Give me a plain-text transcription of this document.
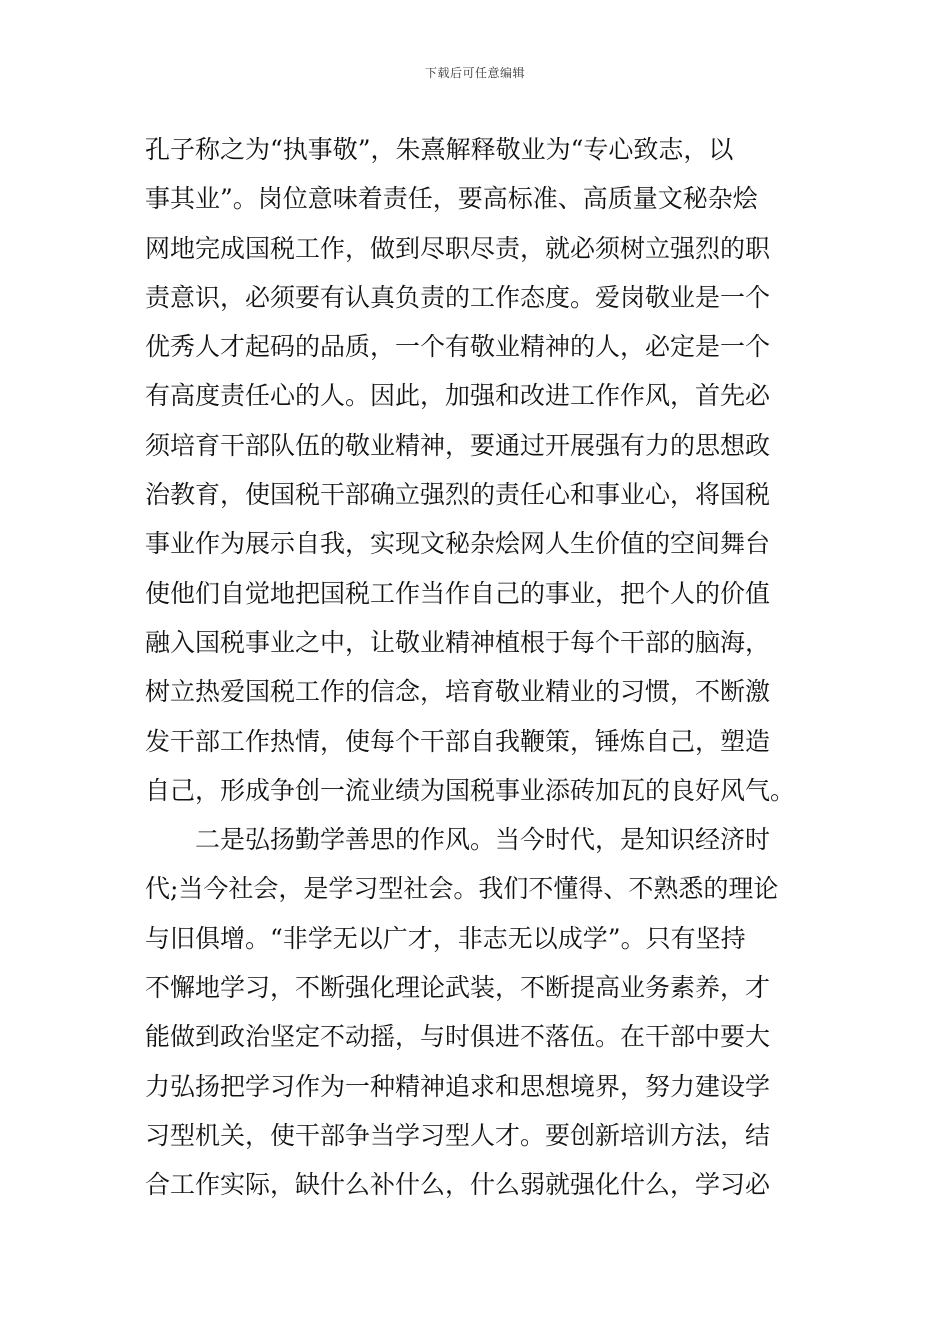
下载后可任意编辑
孔子称之为“执事敬”，朱熹解释敬业为“专心致志，以
事其业”。岗位意味着责任，要高标准、高质量文秘杂烩
网地完成国税工作，做到尽职尽责，就必须树立强烈的职
责意识，必须要有认真负责的工作态度。爱岗敬业是一个
优秀人才起码的品质，一个有敬业精神的人，必定是一个
有高度责任心的人。因此，加强和改进工作作风，首先必
须培育干部队伍的敬业精神，要通过开展强有力的思想政
治教育，使国税干部确立强烈的责任心和事业心，将国税
事业作为展示自我，实现文秘杂烩网人生价值的空间舞台
使他们自觉地把国税工作当作自己的事业，把个人的价值
融入国税事业之中，让敬业精神植根于每个干部的脑海，
树立热爱国税工作的信念，培育敬业精业的习惯，不断激
发干部工作热情，使每个干部自我鞭策，锤炼自己，塑造
自己，形成争创一流业绩为国税事业添砖加瓦的良好风气。
二是弘扬勤学善思的作风。当今时代，是知识经济时
代;当今社会，是学习型社会。我们不懂得、不熟悉的理论
与旧俱增。“非学无以广才，非志无以成学”。只有坚持
不懈地学习，不断强化理论武装，不断提高业务素养，才
能做到政治坚定不动摇，与时俱进不落伍。在干部中要大
力弘扬把学习作为一种精神追求和思想境界，努力建设学
习型机关，使干部争当学习型人才。要创新培训方法，结
合工作实际，缺什么补什么，什么弱就强化什么，学习必
